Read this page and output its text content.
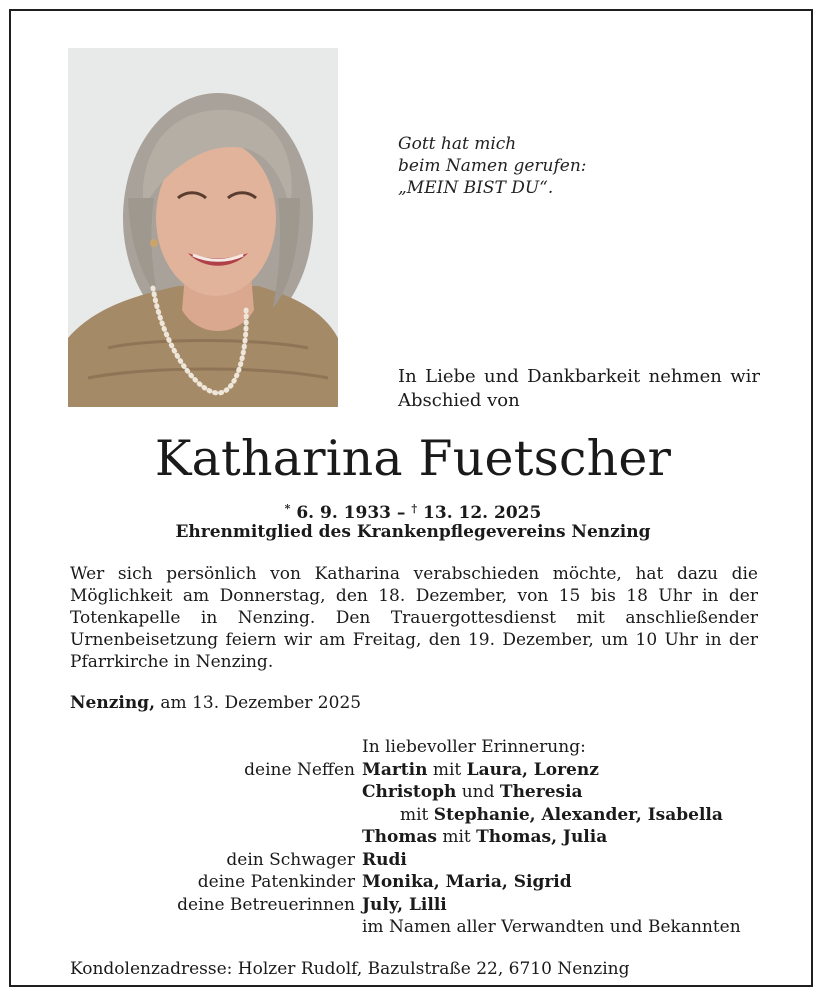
Gott hat mich
beim Namen gerufen:
„MEIN BIST DU“.
In Liebe und Dankbarkeit nehmen wir Abschied von
Katharina Fuetscher
* 6. 9. 1933 – † 13. 12. 2025
Ehrenmitglied des Krankenpflegevereins Nenzing
Wer sich persönlich von Katharina verabschieden möchte, hat dazu die
Möglichkeit am Donnerstag, den 18. Dezember, von 15 bis 18 Uhr in der
Totenkapelle in Nenzing. Den Trauergottesdienst mit anschließender
Urnenbeisetzung feiern wir am Freitag, den 19. Dezember, um 10 Uhr in der
Pfarrkirche in Nenzing.
Nenzing, am 13. Dezember 2025
In liebevoller Erinnerung:
deine Neffen Martin mit Laura, Lorenz
Christoph und Theresia
mit Stephanie, Alexander, Isabella
Thomas mit Thomas, Julia
dein Schwager Rudi
deine Patenkinder Monika, Maria, Sigrid
deine Betreuerinnen July, Lilli
im Namen aller Verwandten und Bekannten
Kondolenzadresse: Holzer Rudolf, Bazulstraße 22, 6710 Nenzing
